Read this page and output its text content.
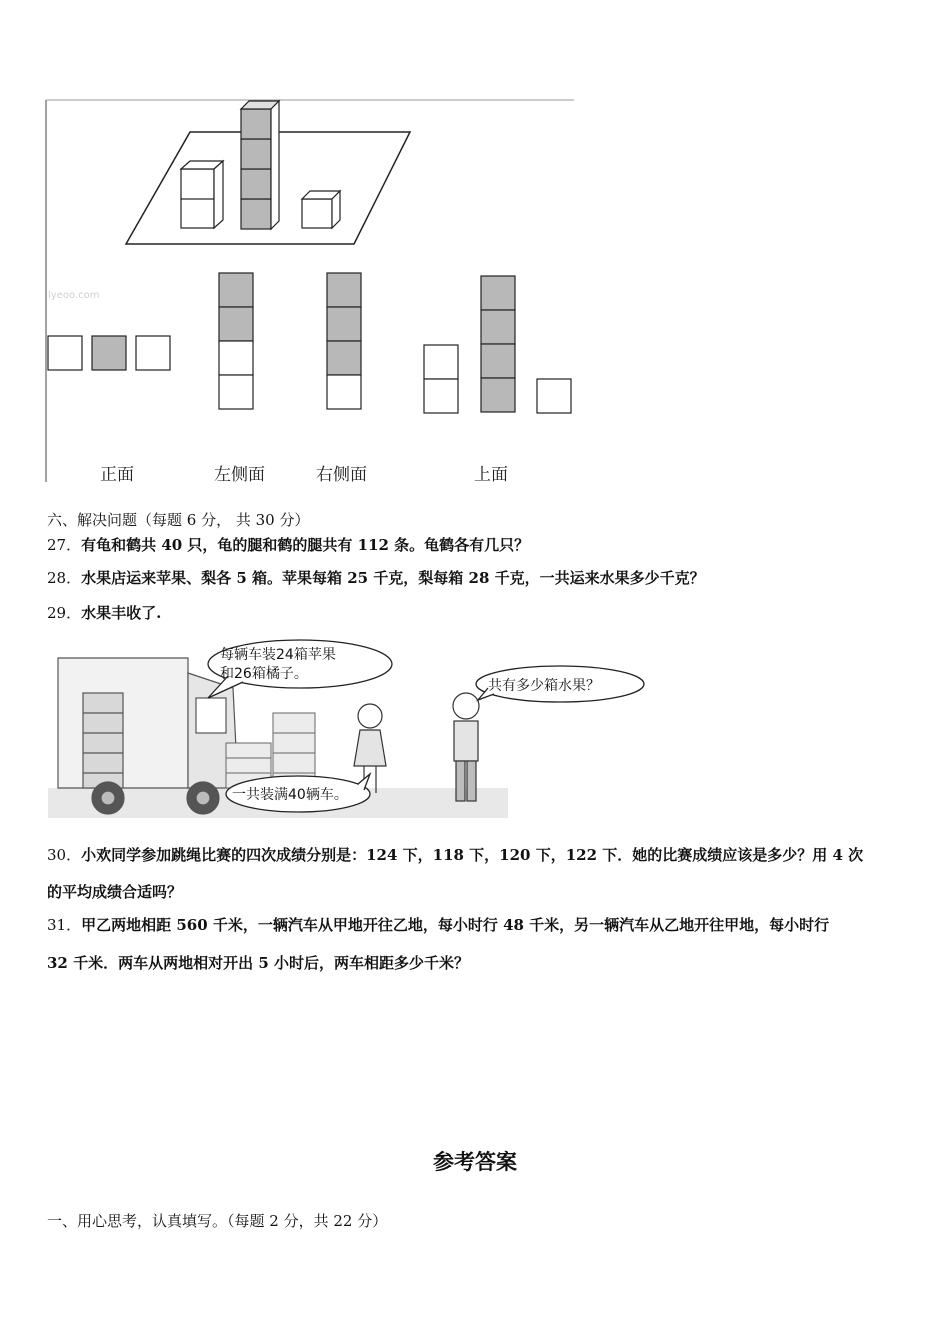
lyeoo.com
正面	左侧面	右侧面	上面
六、解决问题（每题 6 分， 共 30 分）
27．有龟和鹤共 40 只，龟的腿和鹤的腿共有 112 条。龟鹤各有几只？
28．水果店运来苹果、梨各 5 箱。苹果每箱 25 千克，梨每箱 28 千克，一共运来水果多少千克？
29．水果丰收了.
每辆车装24箱苹果
和26箱橘子。
共有多少箱水果？
一共装满40辆车。
30．小欢同学参加跳绳比赛的四次成绩分别是：124 下，118 下，120 下，122 下．她的比赛成绩应该是多少？用 4 次
的平均成绩合适吗？
31．甲乙两地相距 560 千米，一辆汽车从甲地开往乙地，每小时行 48 千米，另一辆汽车从乙地开往甲地，每小时行
32 千米．两车从两地相对开出 5 小时后，两车相距多少千米？
参考答案
一、用心思考，认真填写。（每题 2 分，共 22 分）
